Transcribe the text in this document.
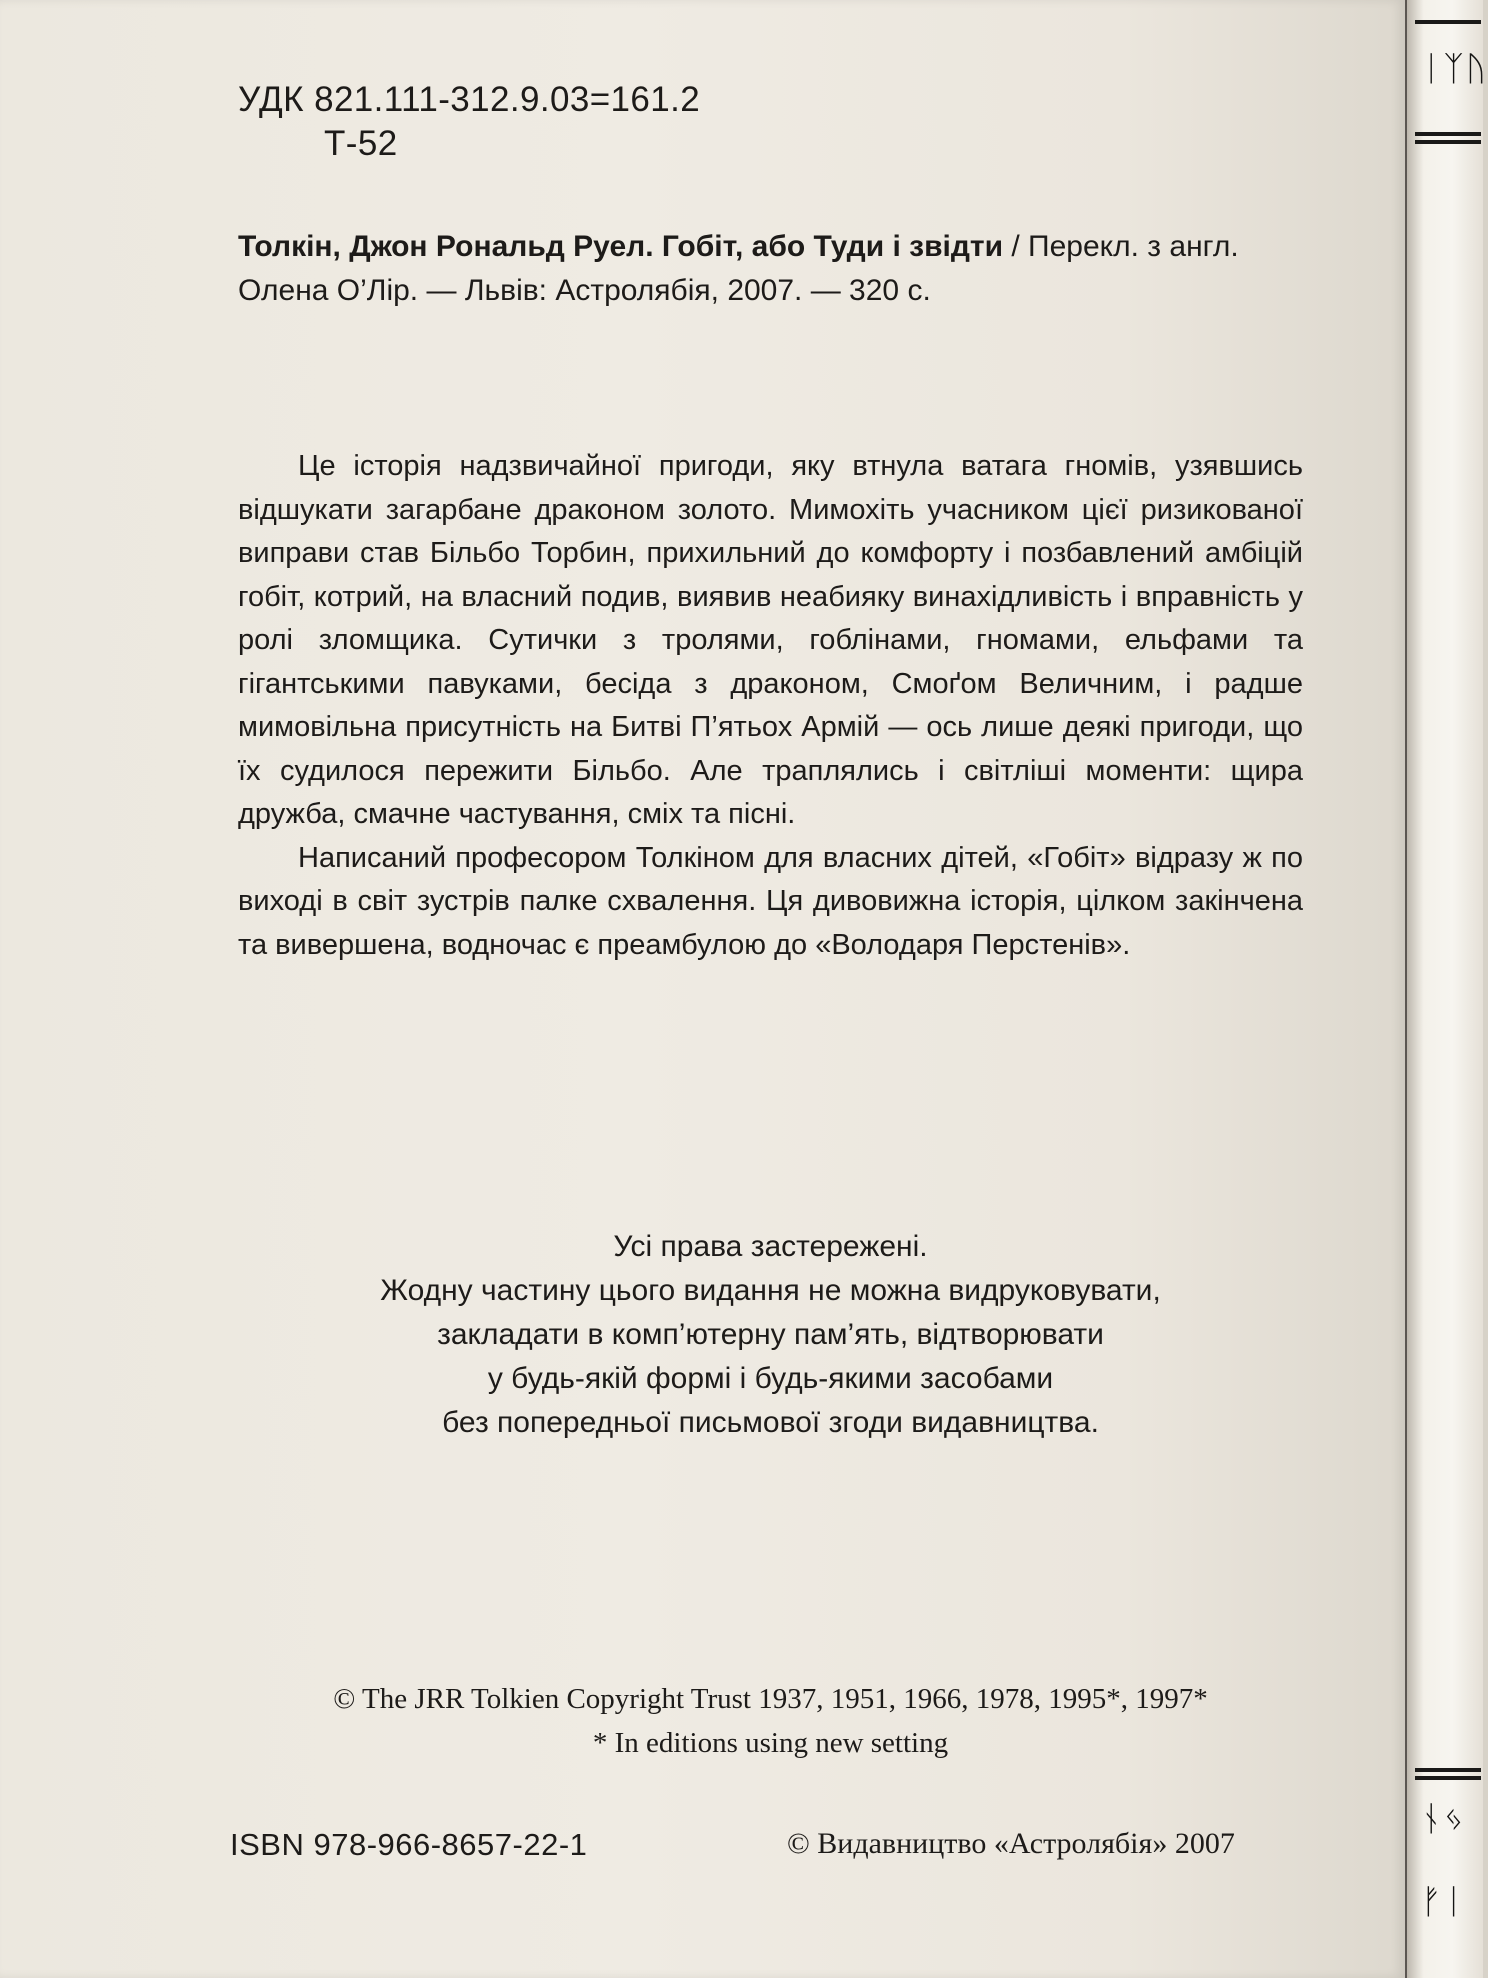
УДК 821.111-312.9.03=161.2
Т-52
Толкін, Джон Рональд Руел. Гобіт, або Туди і звідти / Перекл. з англ. Олена О’Лір. — Львів: Астролябія, 2007. — 320 с.

Це історія надзвичайної пригоди, яку втнула ватага гномів, узявшись відшукати загарбане драконом золото. Мимохіть учасником цієї ризикованої виправи став Більбо Торбин, прихильний до комфорту і позбавлений амбіцій гобіт, котрий, на власний подив, виявив неабияку винахідливість і вправність у ролі зломщика. Сутички з тролями, гоблінами, гномами, ельфами та гігантськими павуками, бесіда з драконом, Смоґом Величним, і радше мимовільна присутність на Битві П’ятьох Армій — ось лише деякі пригоди, що їх судилося пережити Більбо. Але траплялись і світліші моменти: щира дружба, смачне частування, сміх та пісні.

Написаний професором Толкіном для власних дітей, «Гобіт» відразу ж по виході в світ зустрів палке схвалення. Ця дивовижна історія, цілком закінчена та вивершена, водночас є преамбулою до «Володаря Перстенів».

Усі права застережені.
Жодну частину цього видання не можна видруковувати,
закладати в комп’ютерну пам’ять, відтворювати
у будь-якій формі і будь-якими засобами
без попередньої письмової згоди видавництва.
© The JRR Tolkien Copyright Trust 1937, 1951, 1966, 1978, 1995*, 1997*
* In editions using new setting
ISBN 978-966-8657-22-1	© Видавництво «Астролябія» 2007
ᛁᛉᚢ
ᚾᛃ
ᚠᛁ
